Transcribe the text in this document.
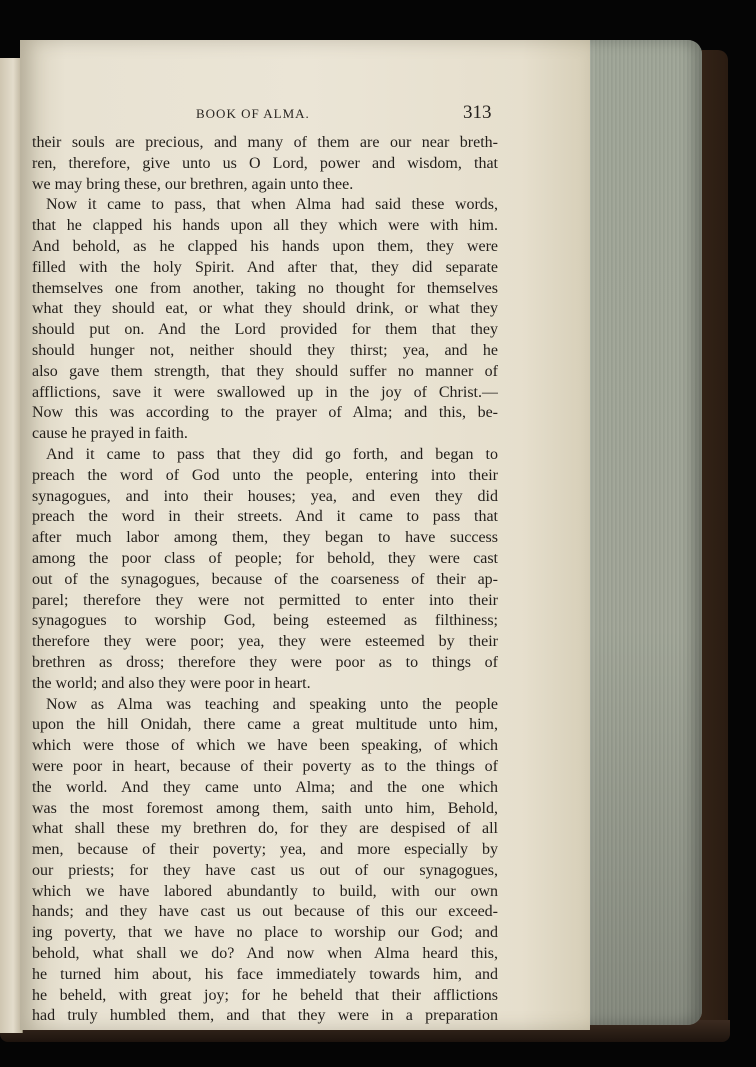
BOOK OF ALMA.	313
their souls are precious, and many of them are our near breth-
ren, therefore, give unto us O Lord, power and wisdom, that
we may bring these, our brethren, again unto thee.
Now it came to pass, that when Alma had said these words,
that he clapped his hands upon all they which were with him.
And behold, as he clapped his hands upon them, they were
filled with the holy Spirit. And after that, they did separate
themselves one from another, taking no thought for themselves
what they should eat, or what they should drink, or what they
should put on. And the Lord provided for them that they
should hunger not, neither should they thirst; yea, and he
also gave them strength, that they should suffer no manner of
afflictions, save it were swallowed up in the joy of Christ.—
Now this was according to the prayer of Alma; and this, be-
cause he prayed in faith.
And it came to pass that they did go forth, and began to
preach the word of God unto the people, entering into their
synagogues, and into their houses; yea, and even they did
preach the word in their streets. And it came to pass that
after much labor among them, they began to have success
among the poor class of people; for behold, they were cast
out of the synagogues, because of the coarseness of their ap-
parel; therefore they were not permitted to enter into their
synagogues to worship God, being esteemed as filthiness;
therefore they were poor; yea, they were esteemed by their
brethren as dross; therefore they were poor as to things of
the world; and also they were poor in heart.
Now as Alma was teaching and speaking unto the people
upon the hill Onidah, there came a great multitude unto him,
which were those of which we have been speaking, of which
were poor in heart, because of their poverty as to the things of
the world. And they came unto Alma; and the one which
was the most foremost among them, saith unto him, Behold,
what shall these my brethren do, for they are despised of all
men, because of their poverty; yea, and more especially by
our priests; for they have cast us out of our synagogues,
which we have labored abundantly to build, with our own
hands; and they have cast us out because of this our exceed-
ing poverty, that we have no place to worship our God; and
behold, what shall we do? And now when Alma heard this,
he turned him about, his face immediately towards him, and
he beheld, with great joy; for he beheld that their afflictions
had truly humbled them, and that they were in a preparation
